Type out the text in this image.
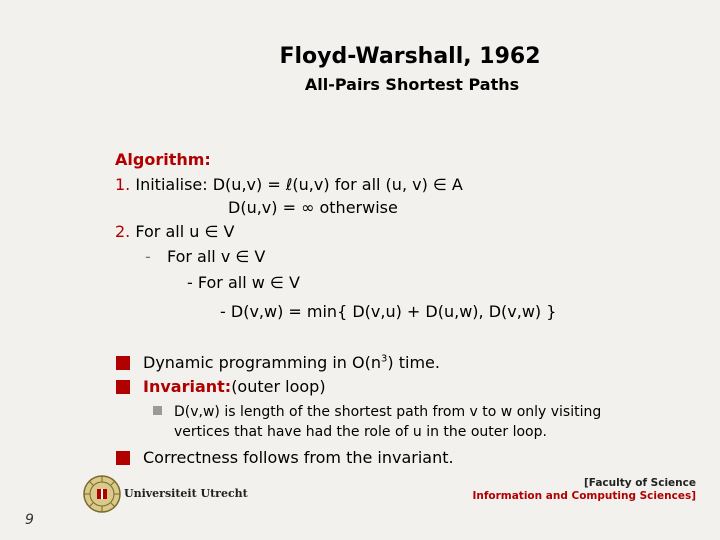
Floyd-Warshall, 1962
All-Pairs Shortest Paths
Algorithm:
1. Initialise: D(u,v) = ℓ(u,v) for all (u, v) ∈ A
D(u,v) = ∞ otherwise
2. For all u ∈ V
- For all v ∈ V
- For all w ∈ V
- D(v,w) = min{ D(v,u) + D(u,w), D(v,w) }
Dynamic programming in $O(n^3)$ time.
Invariant:(outer loop)
D(v,w) is length of the shortest path from v to w only visiting
vertices that have had the role of u in the outer loop.
Correctness follows from the invariant.
Universiteit Utrecht
[Faculty of Science
Information and Computing Sciences]
9
